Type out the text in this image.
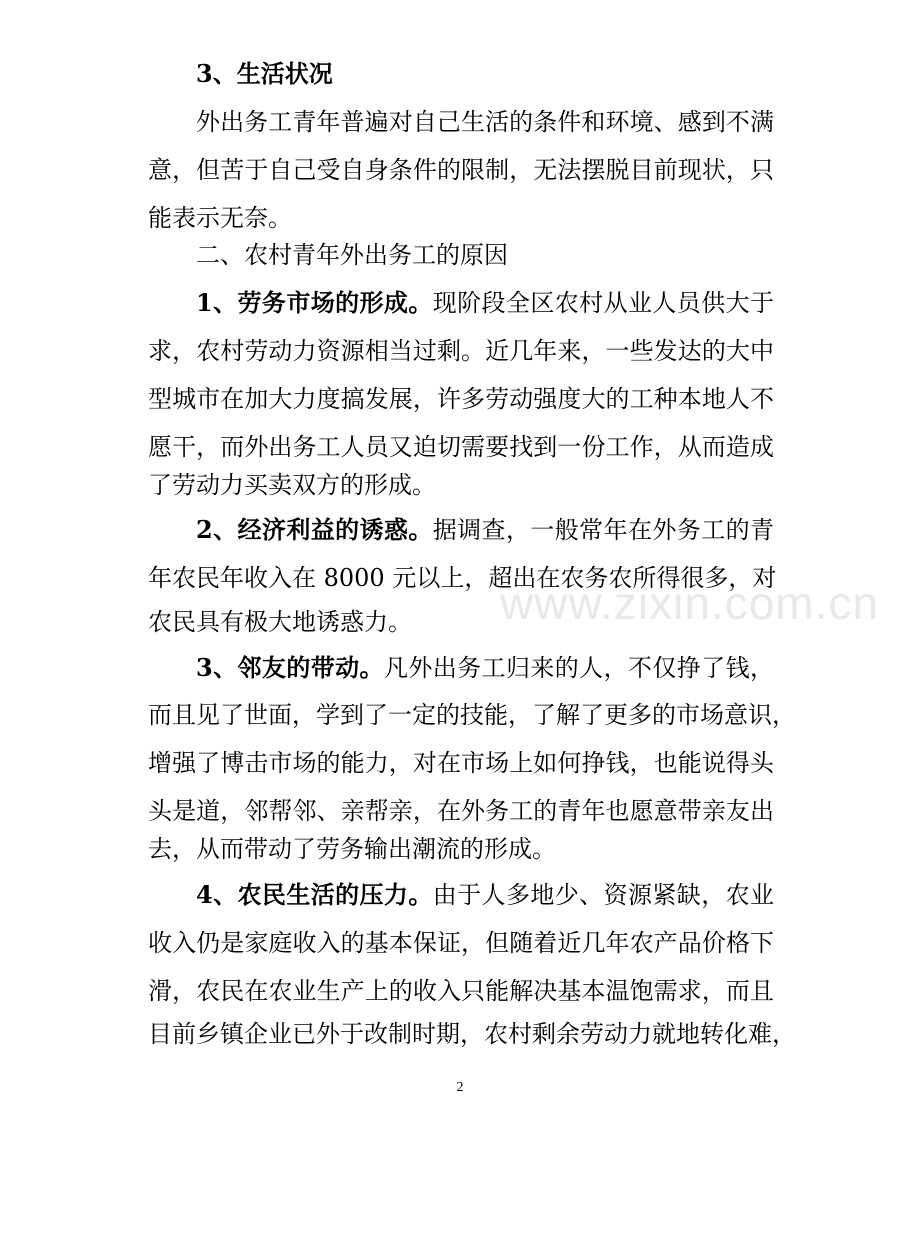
www.zixin.com.cn
3、生活状况
外出务工青年普遍对自己生活的条件和环境、感到不满
意，但苦于自己受自身条件的限制，无法摆脱目前现状，只
能表示无奈。
二、农村青年外出务工的原因
1、劳务市场的形成。现阶段全区农村从业人员供大于
求，农村劳动力资源相当过剩。近几年来，一些发达的大中
型城市在加大力度搞发展，许多劳动强度大的工种本地人不
愿干，而外出务工人员又迫切需要找到一份工作，从而造成
了劳动力买卖双方的形成。
2、经济利益的诱惑。据调查，一般常年在外务工的青
年农民年收入在 8000 元以上，超出在农务农所得很多，对
农民具有极大地诱惑力。
3、邻友的带动。凡外出务工归来的人，不仅挣了钱，
而且见了世面，学到了一定的技能，了解了更多的市场意识，
增强了博击市场的能力，对在市场上如何挣钱，也能说得头
头是道，邻帮邻、亲帮亲，在外务工的青年也愿意带亲友出
去，从而带动了劳务输出潮流的形成。
4、农民生活的压力。由于人多地少、资源紧缺，农业
收入仍是家庭收入的基本保证，但随着近几年农产品价格下
滑，农民在农业生产上的收入只能解决基本温饱需求，而且
目前乡镇企业已外于改制时期，农村剩余劳动力就地转化难，
2
